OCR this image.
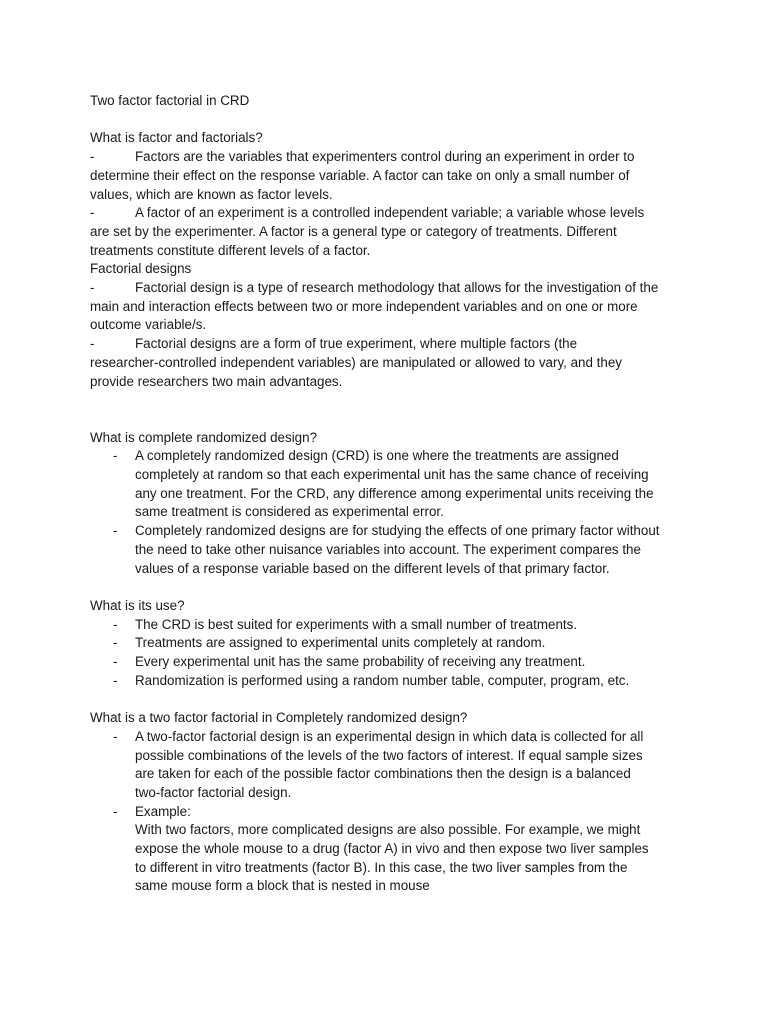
Two factor factorial in CRD
What is factor and factorials?
-	Factors are the variables that experimenters control during an experiment in order to
determine their effect on the response variable. A factor can take on only a small number of
values, which are known as factor levels.
-	A factor of an experiment is a controlled independent variable; a variable whose levels
are set by the experimenter. A factor is a general type or category of treatments. Different
treatments constitute different levels of a factor.
Factorial designs
-	Factorial design is a type of research methodology that allows for the investigation of the
main and interaction effects between two or more independent variables and on one or more
outcome variable/s.
-	Factorial designs are a form of true experiment, where multiple factors (the
researcher-controlled independent variables) are manipulated or allowed to vary, and they
provide researchers two main advantages.
What is complete randomized design?
- A completely randomized design (CRD) is one where the treatments are assigned
completely at random so that each experimental unit has the same chance of receiving
any one treatment. For the CRD, any difference among experimental units receiving the
same treatment is considered as experimental error.
- Completely randomized designs are for studying the effects of one primary factor without
the need to take other nuisance variables into account. The experiment compares the
values of a response variable based on the different levels of that primary factor.
What is its use?
- The CRD is best suited for experiments with a small number of treatments.
- Treatments are assigned to experimental units completely at random.
- Every experimental unit has the same probability of receiving any treatment.
- Randomization is performed using a random number table, computer, program, etc.
What is a two factor factorial in Completely randomized design?
- A two-factor factorial design is an experimental design in which data is collected for all
possible combinations of the levels of the two factors of interest. If equal sample sizes
are taken for each of the possible factor combinations then the design is a balanced
two-factor factorial design.
- Example:
With two factors, more complicated designs are also possible. For example, we might
expose the whole mouse to a drug (factor A) in vivo and then expose two liver samples
to different in vitro treatments (factor B). In this case, the two liver samples from the
same mouse form a block that is nested in mouse
